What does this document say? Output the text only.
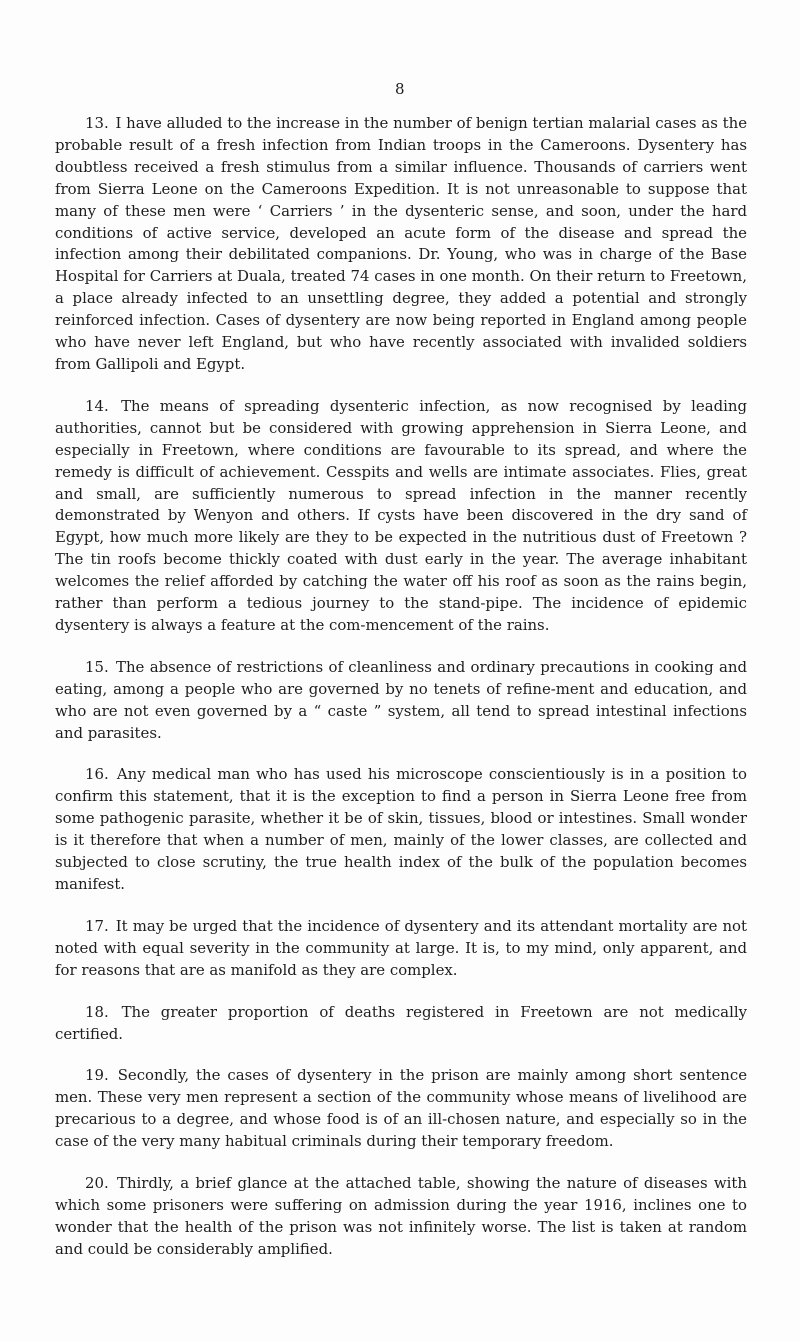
8

13. I have alluded to the increase in the number of benign tertian malarial cases as the probable result of a fresh infection from Indian troops in the Cameroons. Dysentery has doubtless received a fresh stimulus from a similar influence. Thousands of carriers went from Sierra Leone on the Cameroons Expedition. It is not unreasonable to suppose that many of these men were ‘ Carriers ’ in the dysenteric sense, and soon, under the hard conditions of active service, developed an acute form of the disease and spread the infection among their debilitated companions. Dr. Young, who was in charge of the Base Hospital for Carriers at Duala, treated 74 cases in one month. On their return to Freetown, a place already infected to an unsettling degree, they added a potential and strongly reinforced infection. Cases of dysentery are now being reported in England among people who have never left England, but who have recently associated with invalided soldiers from Gallipoli and Egypt.

14. The means of spreading dysenteric infection, as now recognised by leading authorities, cannot but be considered with growing apprehension in Sierra Leone, and especially in Freetown, where conditions are favourable to its spread, and where the remedy is difficult of achievement. Cesspits and wells are intimate associates. Flies, great and small, are sufficiently numerous to spread infection in the manner recently demonstrated by Wenyon and others. If cysts have been discovered in the dry sand of Egypt, how much more likely are they to be expected in the nutritious dust of Freetown ? The tin roofs become thickly coated with dust early in the year. The average inhabitant welcomes the relief afforded by catching the water off his roof as soon as the rains begin, rather than perform a tedious journey to the stand-pipe. The incidence of epidemic dysentery is always a feature at the com-mencement of the rains.

15. The absence of restrictions of cleanliness and ordinary precautions in cooking and eating, among a people who are governed by no tenets of refine-ment and education, and who are not even governed by a “ caste ” system, all tend to spread intestinal infections and parasites.

16. Any medical man who has used his microscope conscientiously is in a position to confirm this statement, that it is the exception to find a person in Sierra Leone free from some pathogenic parasite, whether it be of skin, tissues, blood or intestines. Small wonder is it therefore that when a number of men, mainly of the lower classes, are collected and subjected to close scrutiny, the true health index of the bulk of the population becomes manifest.

17. It may be urged that the incidence of dysentery and its attendant mortality are not noted with equal severity in the community at large. It is, to my mind, only apparent, and for reasons that are as manifold as they are complex.

18. The greater proportion of deaths registered in Freetown are not medically certified.

19. Secondly, the cases of dysentery in the prison are mainly among short sentence men. These very men represent a section of the community whose means of livelihood are precarious to a degree, and whose food is of an ill-chosen nature, and especially so in the case of the very many habitual criminals during their temporary freedom.

20. Thirdly, a brief glance at the attached table, showing the nature of diseases with which some prisoners were suffering on admission during the year 1916, inclines one to wonder that the health of the prison was not infinitely worse. The list is taken at random and could be considerably amplified.
